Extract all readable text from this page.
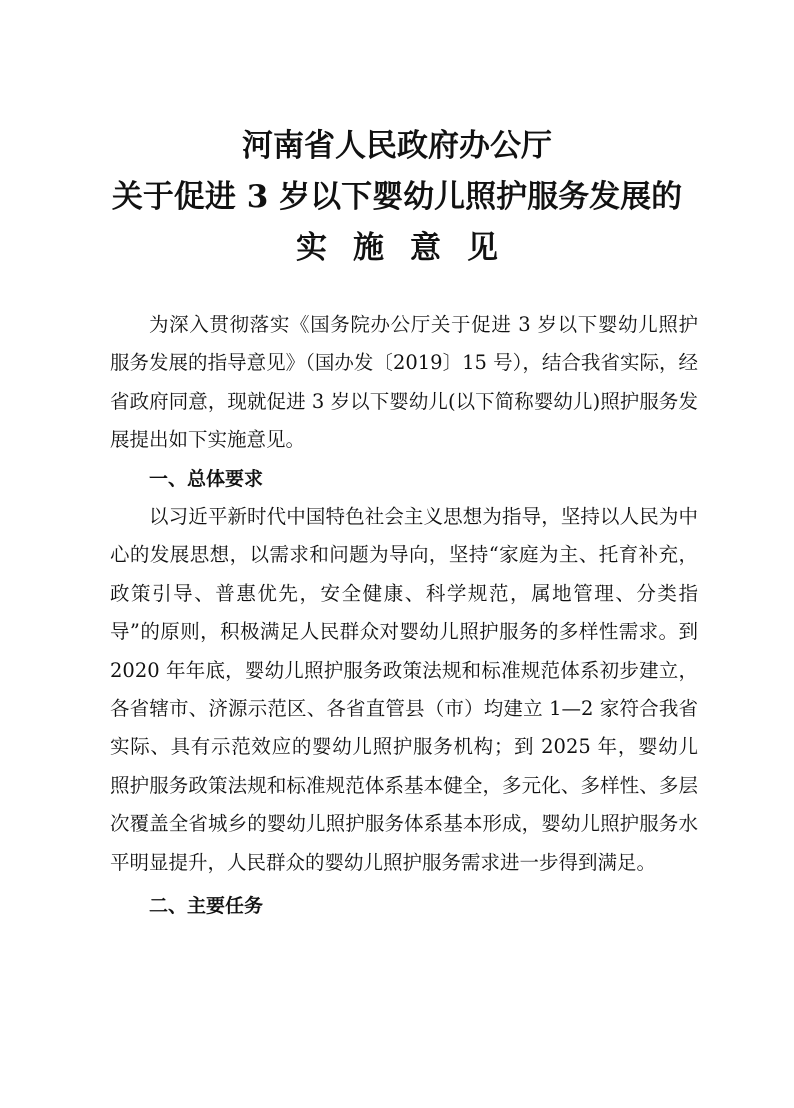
河南省人民政府办公厅
关于促进 3 岁以下婴幼儿照护服务发展的
实施意见

为深入贯彻落实《国务院办公厅关于促进 3 岁以下婴幼儿照护服务发展的指导意见》（国办发〔2019〕15 号），结合我省实际，经省政府同意，现就促进 3 岁以下婴幼儿(以下简称婴幼儿)照护服务发展提出如下实施意见。

一、总体要求

以习近平新时代中国特色社会主义思想为指导，坚持以人民为中心的发展思想，以需求和问题为导向，坚持“家庭为主、托育补充，政策引导、普惠优先，安全健康、科学规范，属地管理、分类指导”的原则，积极满足人民群众对婴幼儿照护服务的多样性需求。到 2020 年年底，婴幼儿照护服务政策法规和标准规范体系初步建立，各省辖市、济源示范区、各省直管县（市）均建立 1—2 家符合我省实际、具有示范效应的婴幼儿照护服务机构；到 2025 年，婴幼儿照护服务政策法规和标准规范体系基本健全，多元化、多样性、多层次覆盖全省城乡的婴幼儿照护服务体系基本形成，婴幼儿照护服务水平明显提升，人民群众的婴幼儿照护服务需求进一步得到满足。

二、主要任务
